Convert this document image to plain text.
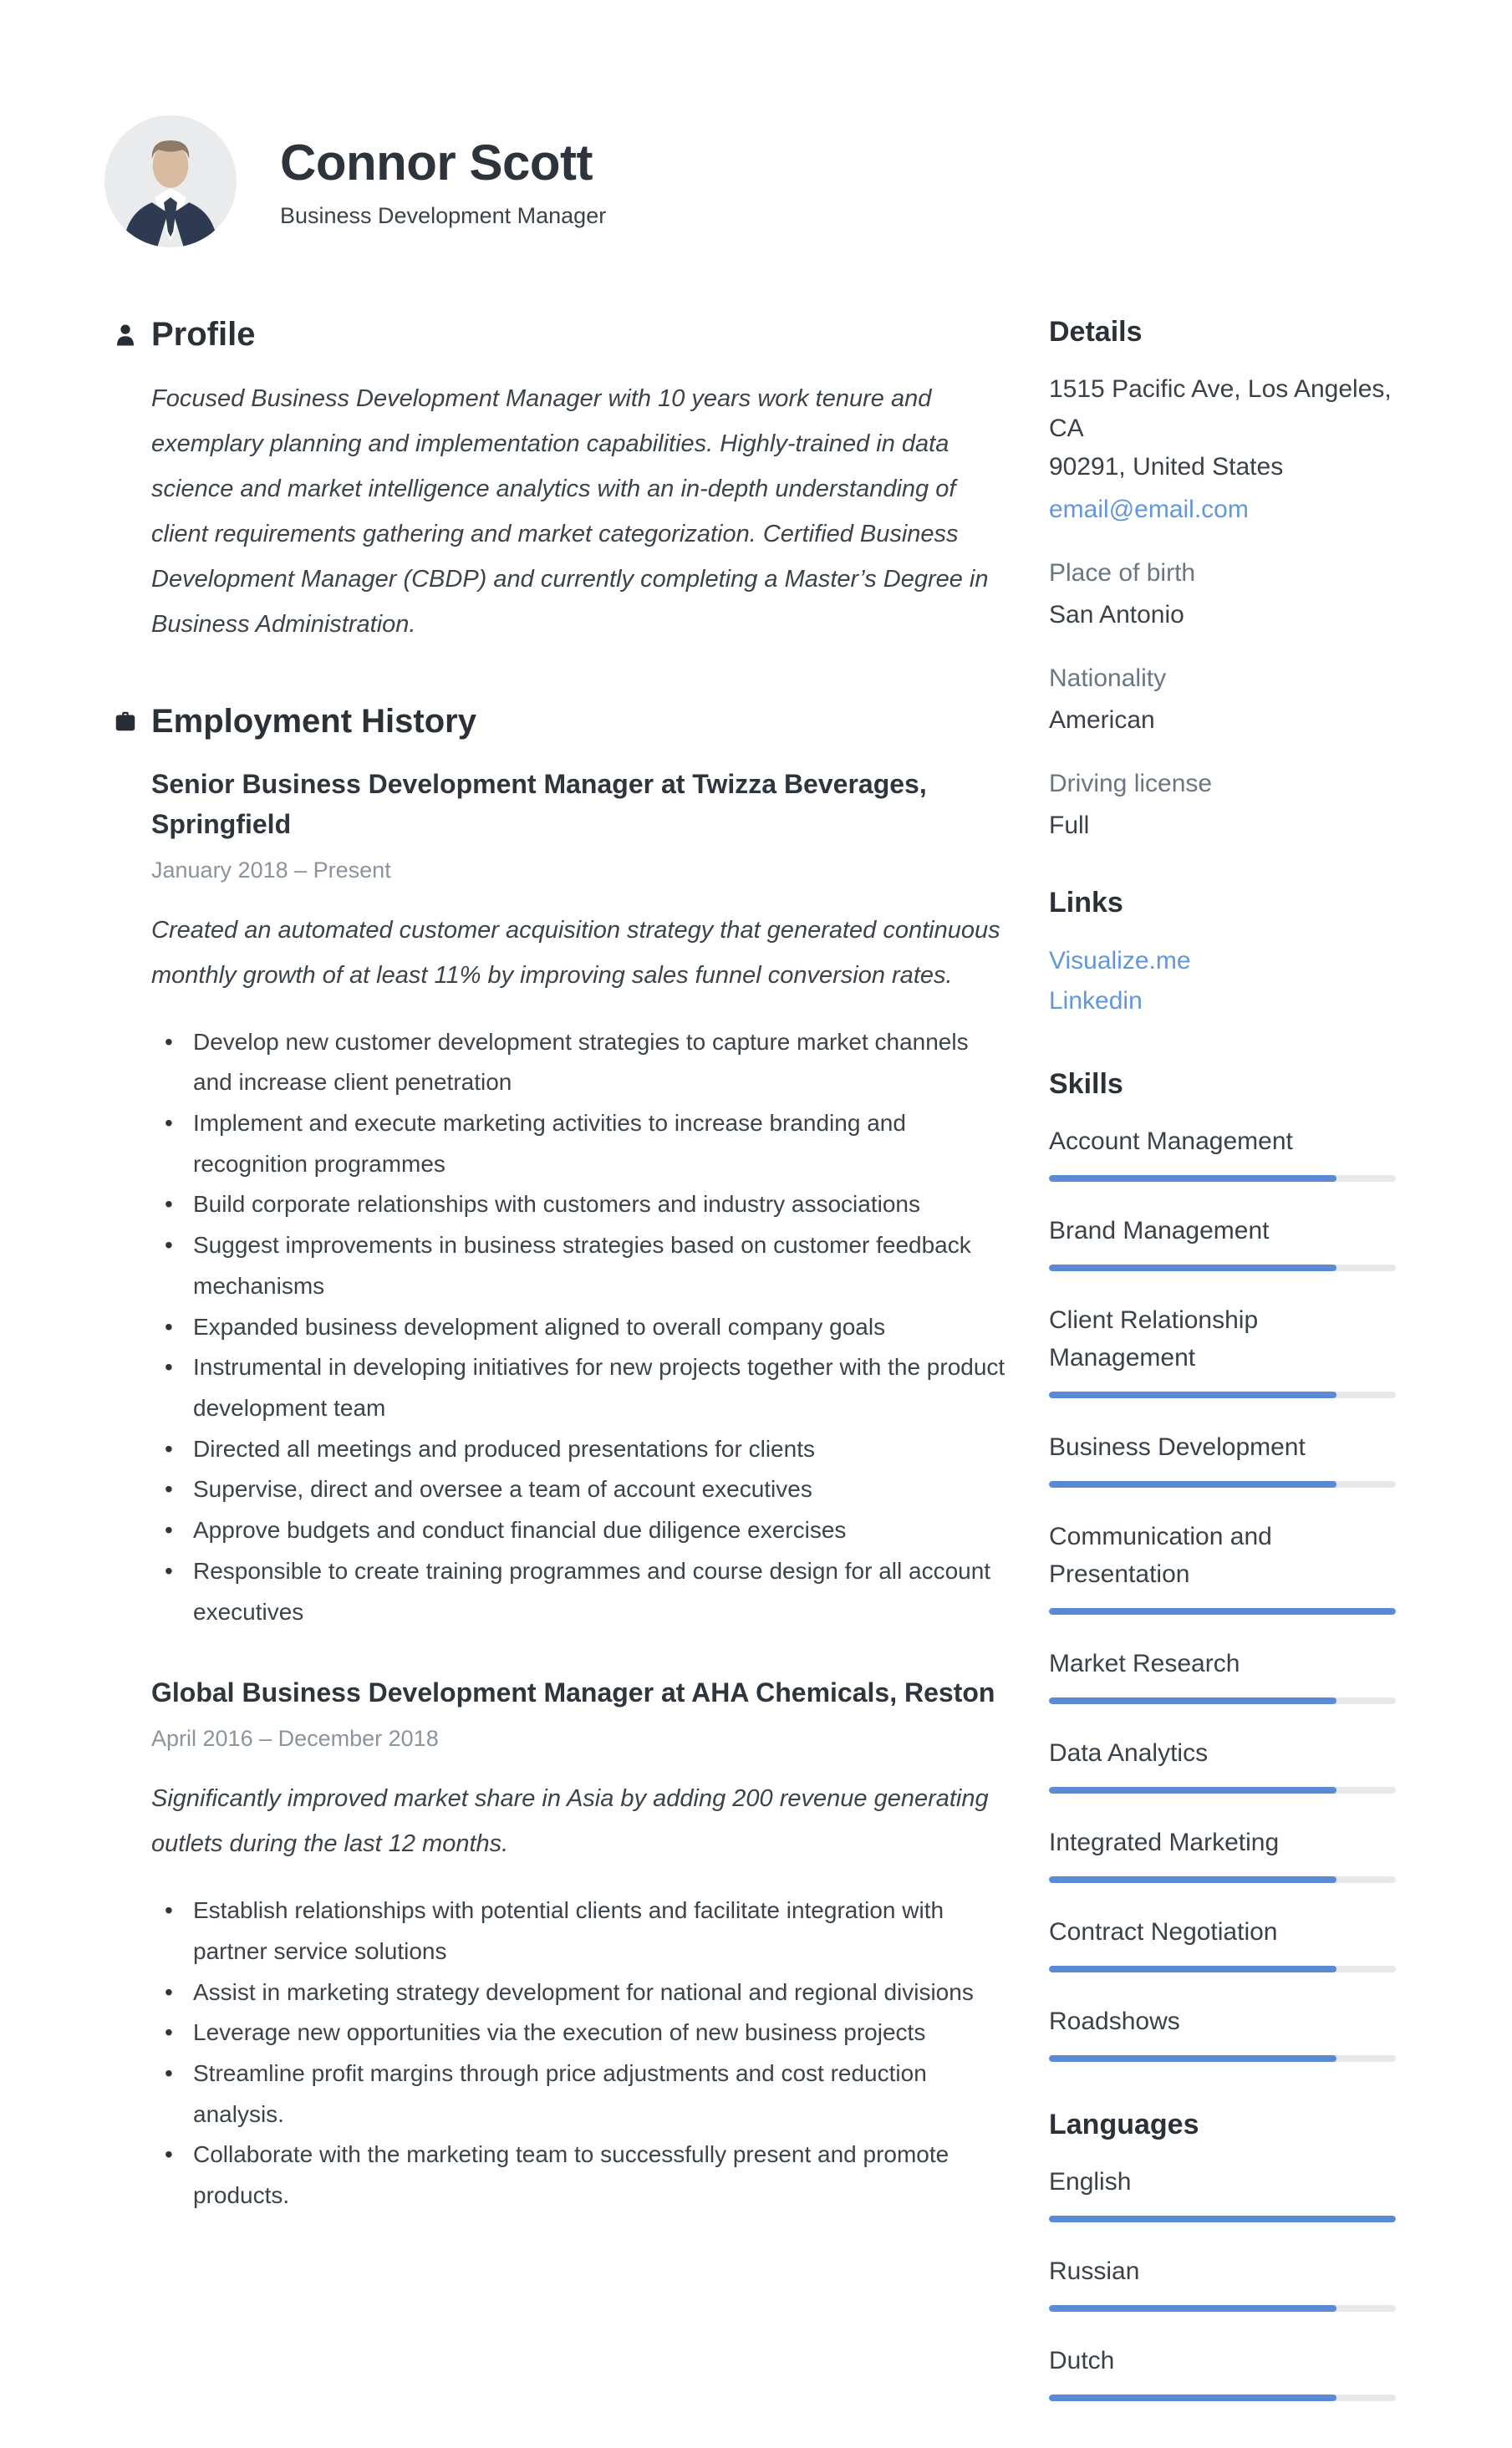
Connor Scott
Business Development Manager
Profile
Focused Business Development Manager with 10 years work tenure and exemplary planning and implementation capabilities. Highly-trained in data science and market intelligence analytics with an in-depth understanding of client requirements gathering and market categorization. Certified Business Development Manager (CBDP) and currently completing a Master’s Degree in Business Administration.
Employment History
Senior Business Development Manager at Twizza Beverages, Springfield
January 2018 – Present
Created an automated customer acquisition strategy that generated continuous monthly growth of at least 11% by improving sales funnel conversion rates.
• Develop new customer development strategies to capture market channels and increase client penetration
• Implement and execute marketing activities to increase branding and recognition programmes
• Build corporate relationships with customers and industry associations
• Suggest improvements in business strategies based on customer feedback mechanisms
• Expanded business development aligned to overall company goals
• Instrumental in developing initiatives for new projects together with the product development team
• Directed all meetings and produced presentations for clients
• Supervise, direct and oversee a team of account executives
• Approve budgets and conduct financial due diligence exercises
• Responsible to create training programmes and course design for all account executives
Global Business Development Manager at AHA Chemicals, Reston
April 2016 – December 2018
Significantly improved market share in Asia by adding 200 revenue generating outlets during the last 12 months.
• Establish relationships with potential clients and facilitate integration with partner service solutions
• Assist in marketing strategy development for national and regional divisions
• Leverage new opportunities via the execution of new business projects
• Streamline profit margins through price adjustments and cost reduction analysis.
• Collaborate with the marketing team to successfully present and promote products.
Details
1515 Pacific Ave, Los Angeles, CA
90291, United States
email@email.com
Place of birth
San Antonio
Nationality
American
Driving license
Full
Links
Visualize.me
Linkedin
Skills
Account Management
Brand Management
Client Relationship Management
Business Development
Communication and Presentation
Market Research
Data Analytics
Integrated Marketing
Contract Negotiation
Roadshows
Languages
English
Russian
Dutch
